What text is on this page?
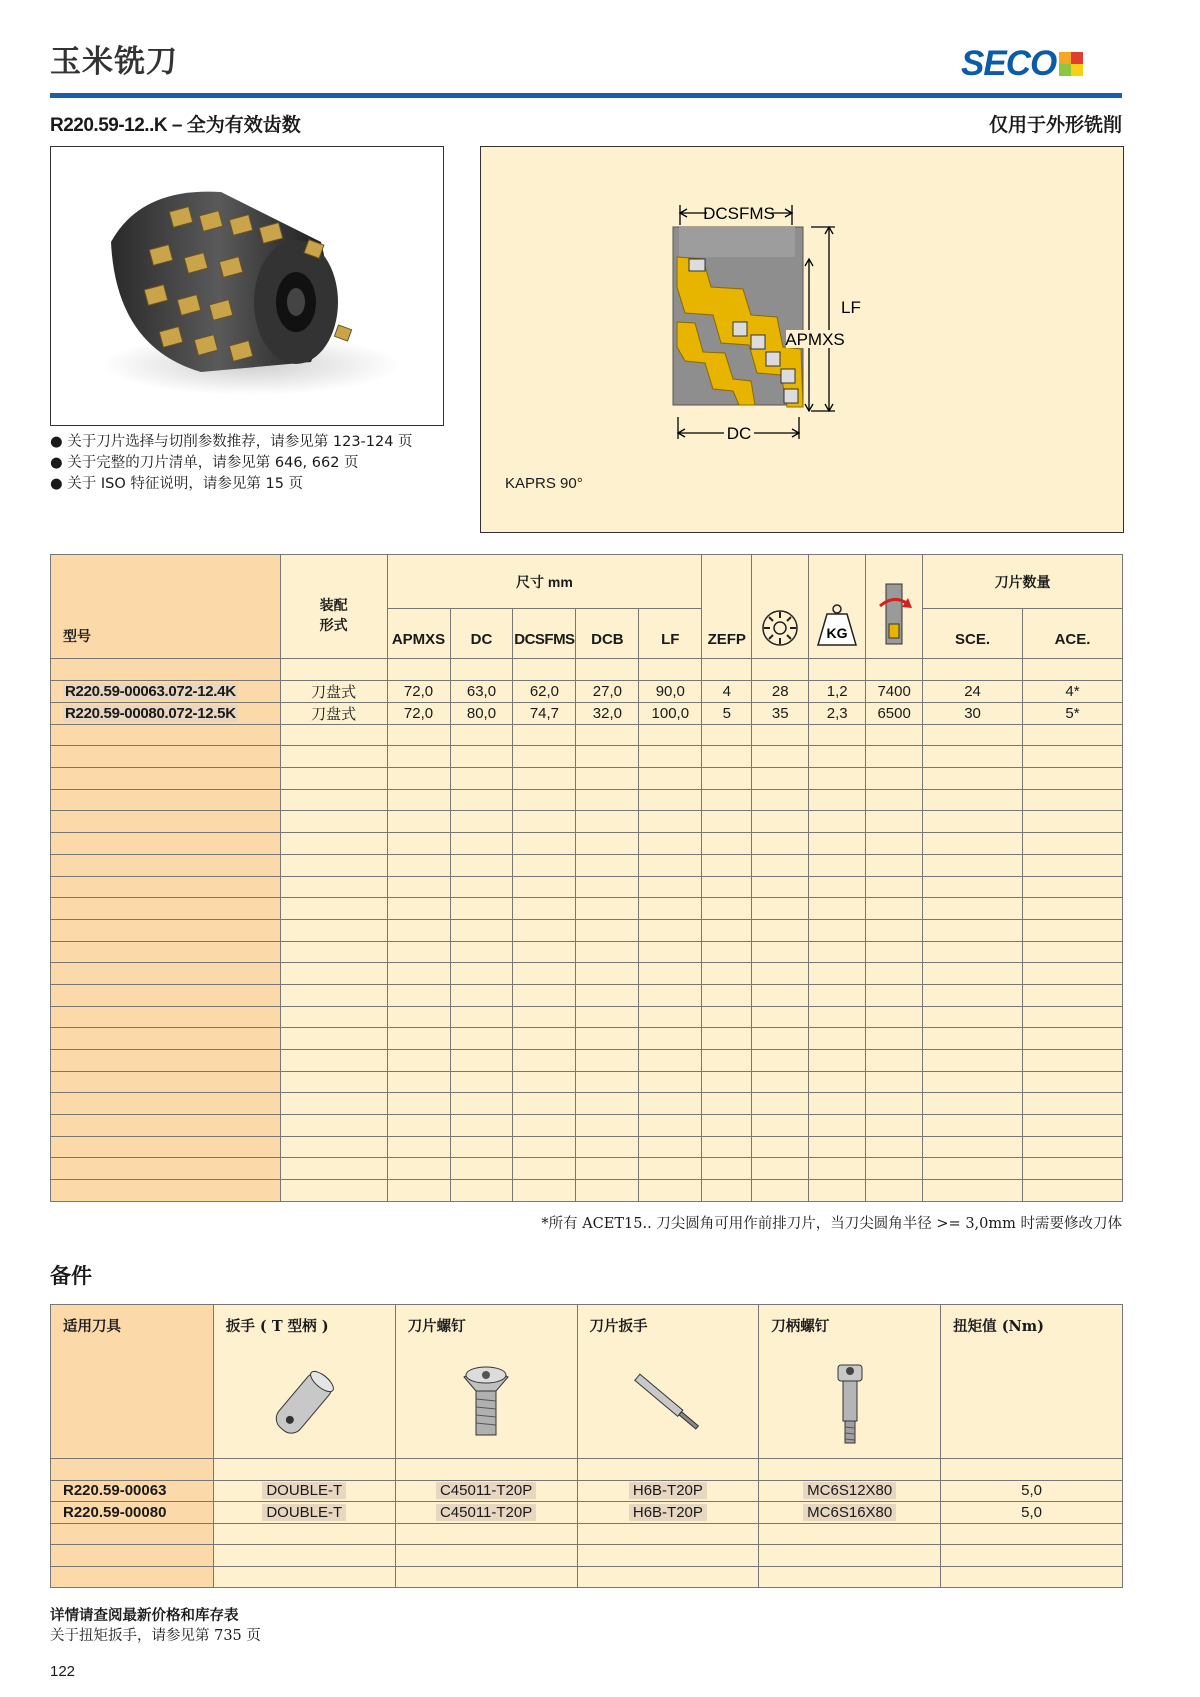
玉米铣刀	SECO
R220.59-12..K – 全为有效齿数	仅用于外形铣削
● 关于刀片选择与切削参数推荐，请参见第 123-124 页
● 关于完整的刀片清单，请参见第 646, 662 页
● 关于 ISO 特征说明，请参见第 15 页
DCSFMS
LF
APMXS
DC
KAPRS 90°
型号	装配
形式	尺寸 mm					ZEFP		KG		刀片数量	
		APMXS	DC	DCSFMS	DCB	LF					SCE.	ACE.

R220.59-00063.072-12.4K	刀盘式	72,0	63,0	62,0	27,0	90,0	4	28	1,2	7400	24	4*
R220.59-00080.072-12.5K	刀盘式	72,0	80,0	74,7	32,0	100,0	5	35	2,3	6500	30	5*

*所有 ACET15.. 刀尖圆角可用作前排刀片，当刀尖圆角半径 >= 3,0mm 时需要修改刀体
备件
适用刀具	扳手 ( T 型柄 )	刀片螺钉	刀片扳手	刀柄螺钉	扭矩值 (Nm)

R220.59-00063	DOUBLE-T	C45011-T20P	H6B-T20P	MC6S12X80	5,0
R220.59-00080	DOUBLE-T	C45011-T20P	H6B-T20P	MC6S16X80	5,0

详情请查阅最新价格和库存表
关于扭矩扳手，请参见第 735 页
122
